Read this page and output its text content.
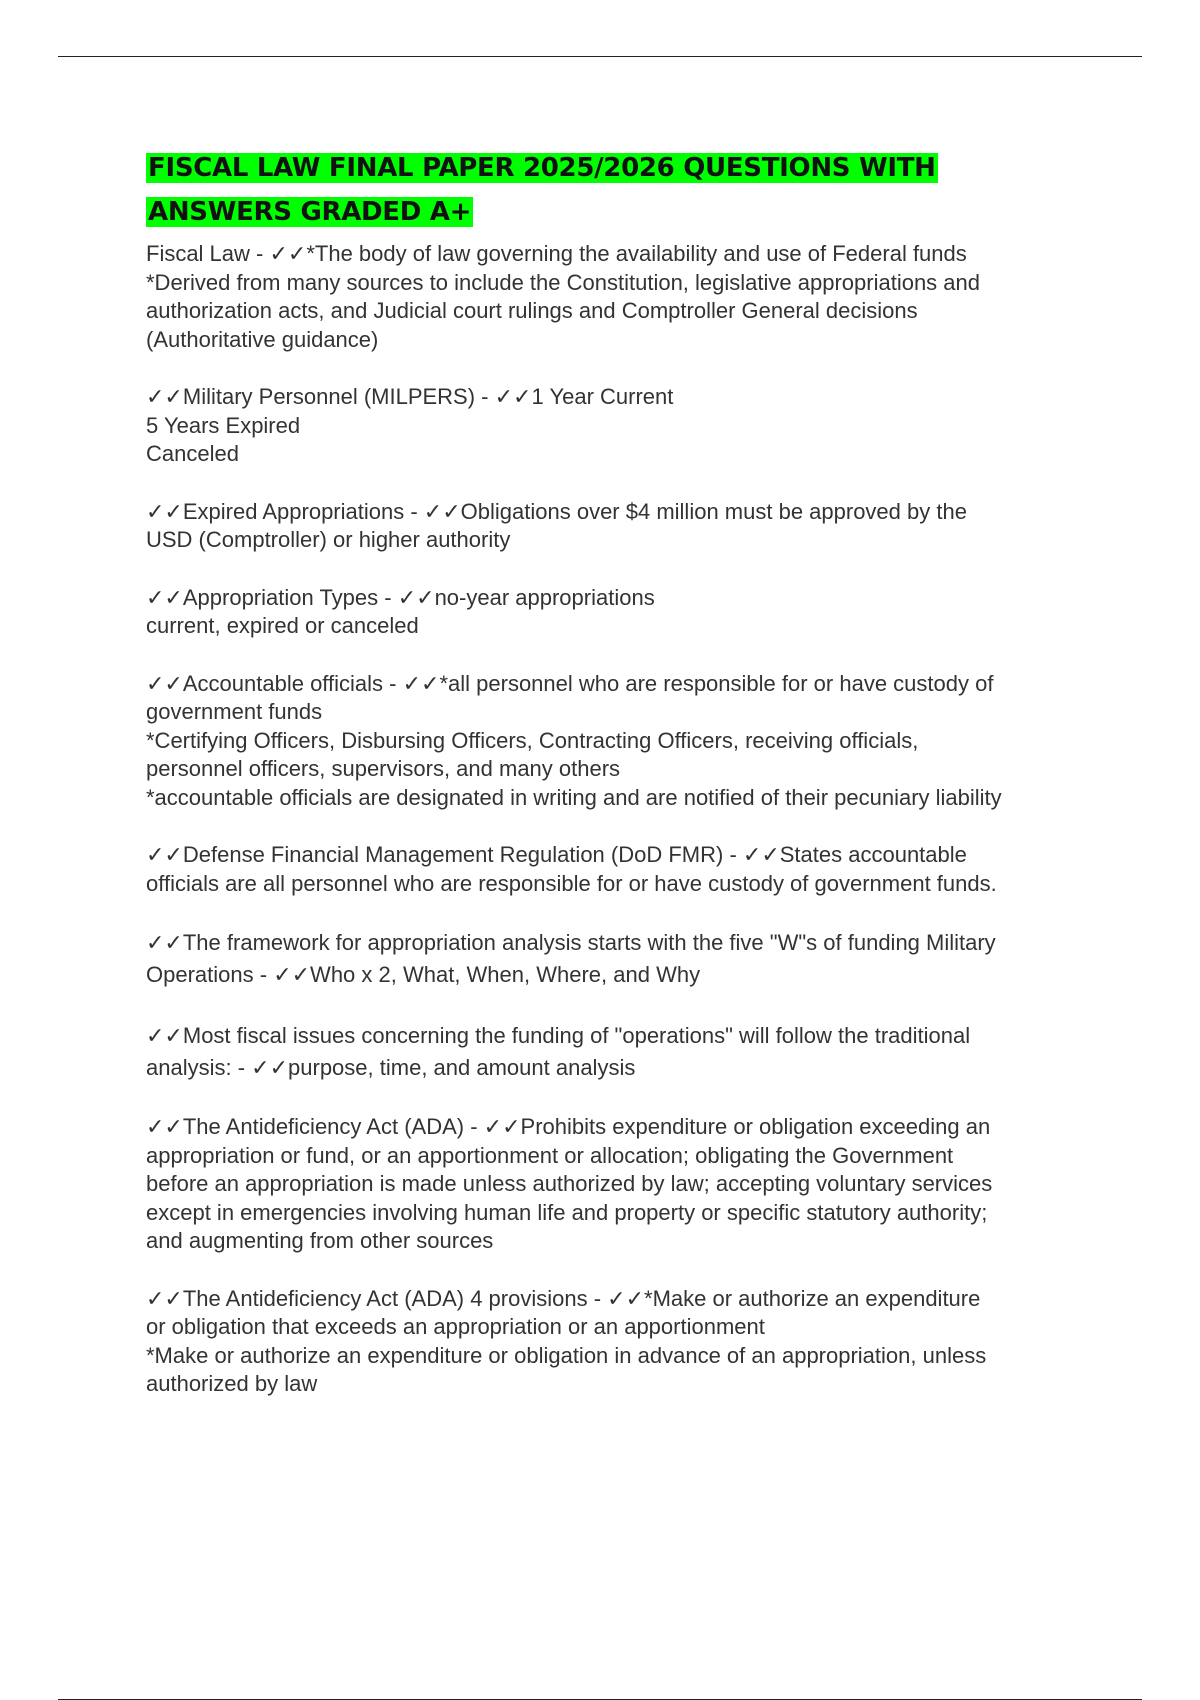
FISCAL LAW FINAL PAPER 2025/2026 QUESTIONS WITH
ANSWERS GRADED A+

Fiscal Law - ✓✓*The body of law governing the availability and use of Federal funds
*Derived from many sources to include the Constitution, legislative appropriations and
authorization acts, and Judicial court rulings and Comptroller General decisions
(Authoritative guidance)

✓✓Military Personnel (MILPERS) - ✓✓1 Year Current
5 Years Expired
Canceled

✓✓Expired Appropriations - ✓✓Obligations over $4 million must be approved by the
USD (Comptroller) or higher authority

✓✓Appropriation Types - ✓✓no-year appropriations
current, expired or canceled

✓✓Accountable officials - ✓✓*all personnel who are responsible for or have custody of
government funds
*Certifying Officers, Disbursing Officers, Contracting Officers, receiving officials,
personnel officers, supervisors, and many others
*accountable officials are designated in writing and are notified of their pecuniary liability

✓✓Defense Financial Management Regulation (DoD FMR) - ✓✓States accountable
officials are all personnel who are responsible for or have custody of government funds.

✓✓The framework for appropriation analysis starts with the five "W"s of funding Military
Operations - ✓✓Who x 2, What, When, Where, and Why

✓✓Most fiscal issues concerning the funding of "operations" will follow the traditional
analysis: - ✓✓purpose, time, and amount analysis

✓✓The Antideficiency Act (ADA) - ✓✓Prohibits expenditure or obligation exceeding an
appropriation or fund, or an apportionment or allocation; obligating the Government
before an appropriation is made unless authorized by law; accepting voluntary services
except in emergencies involving human life and property or specific statutory authority;
and augmenting from other sources

✓✓The Antideficiency Act (ADA) 4 provisions - ✓✓*Make or authorize an expenditure
or obligation that exceeds an appropriation or an apportionment
*Make or authorize an expenditure or obligation in advance of an appropriation, unless
authorized by law
